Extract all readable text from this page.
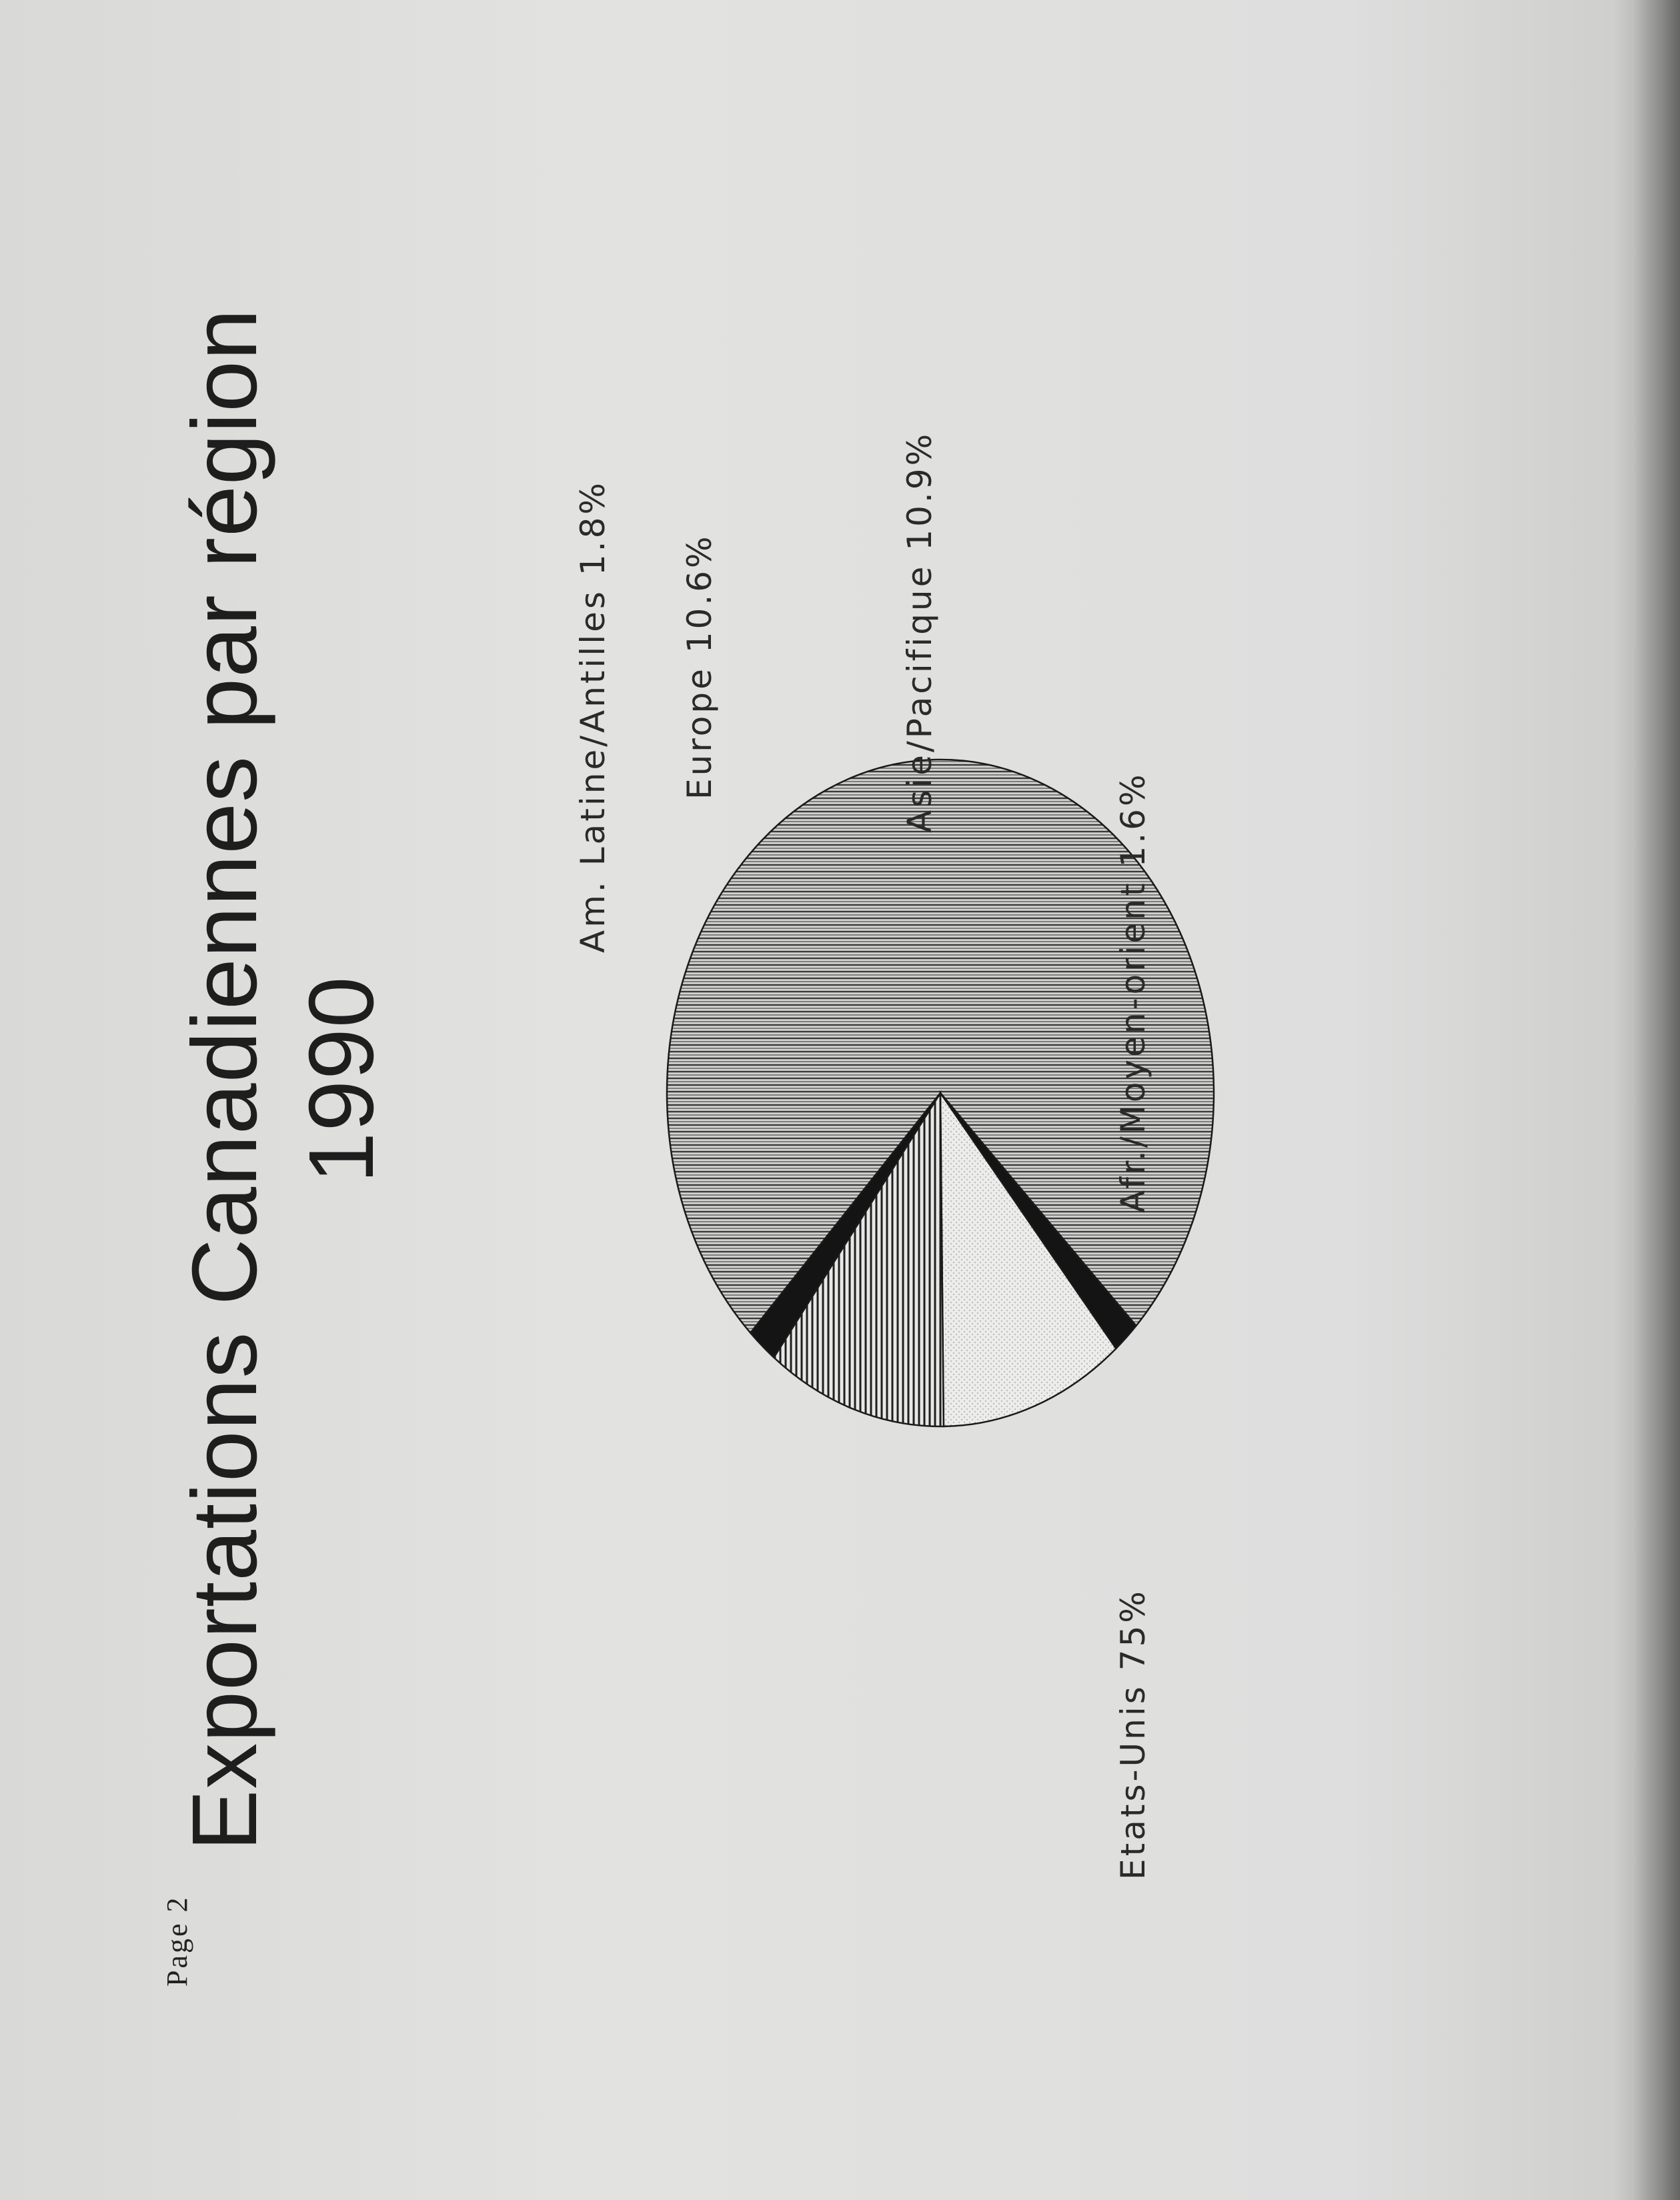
Page 2
Exportations Canadiennes par région 1990
Etats-Unis 75%
Afr./Moyen-orient 1.6%
Asie/Pacifique 10.9%
Europe 10.6%
Am. Latine/Antilles 1.8%
